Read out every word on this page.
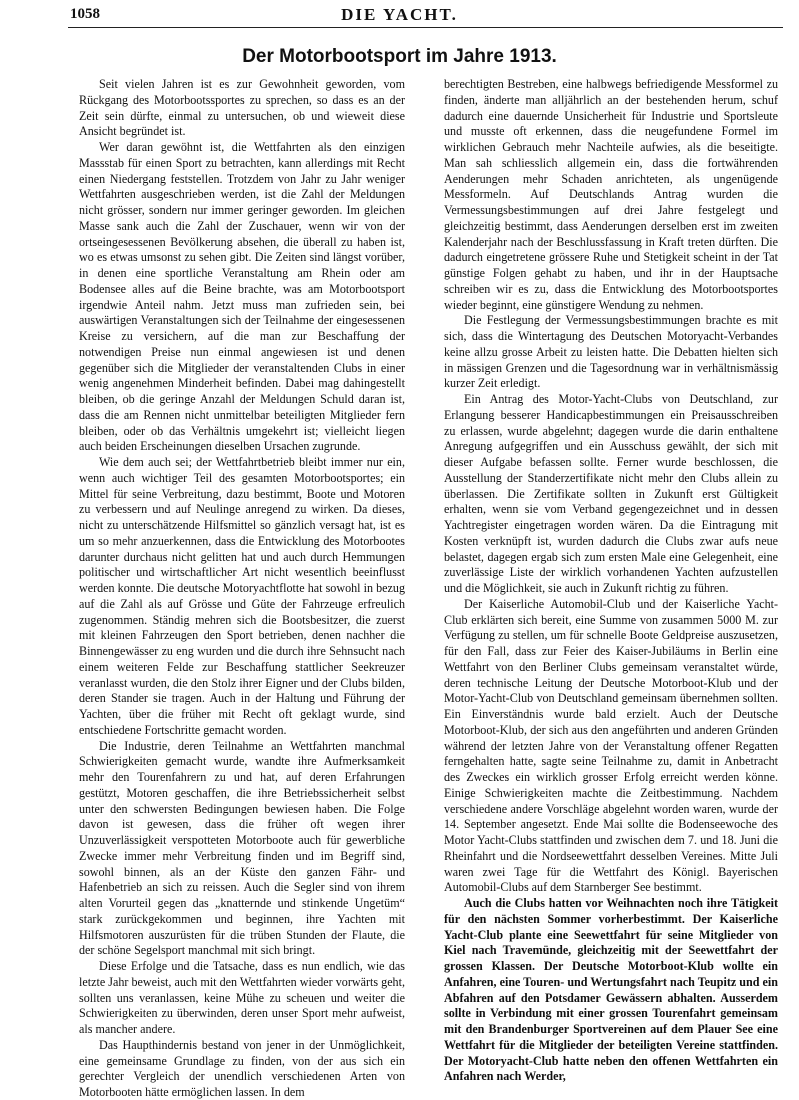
1058	DIE YACHT.
Der Motorbootsport im Jahre 1913.

Seit vielen Jahren ist es zur Gewohnheit geworden, vom Rückgang des Motorbootssportes zu sprechen, so dass es an der Zeit sein dürfte, einmal zu untersuchen, ob und wieweit diese Ansicht begründet ist.

Wer daran gewöhnt ist, die Wettfahrten als den einzigen Massstab für einen Sport zu betrachten, kann allerdings mit Recht einen Niedergang feststellen. Trotzdem von Jahr zu Jahr weniger Wettfahrten ausgeschrieben werden, ist die Zahl der Meldungen nicht grösser, sondern nur immer geringer geworden. Im gleichen Masse sank auch die Zahl der Zuschauer, wenn wir von der ortseingesessenen Bevölkerung absehen, die überall zu haben ist, wo es etwas umsonst zu sehen gibt. Die Zeiten sind längst vorüber, in denen eine sportliche Veranstaltung am Rhein oder am Bodensee alles auf die Beine brachte, was am Motorbootsport irgendwie Anteil nahm. Jetzt muss man zufrieden sein, bei auswärtigen Veranstaltungen sich der Teilnahme der eingesessenen Kreise zu versichern, auf die man zur Beschaffung der notwendigen Preise nun einmal angewiesen ist und denen gegenüber sich die Mitglieder der veranstaltenden Clubs in einer wenig angenehmen Minderheit befinden. Dabei mag dahingestellt bleiben, ob die geringe Anzahl der Meldungen Schuld daran ist, dass die am Rennen nicht unmittelbar beteiligten Mitglieder fern bleiben, oder ob das Verhältnis umgekehrt ist; vielleicht liegen auch beiden Erscheinungen dieselben Ursachen zugrunde.

Wie dem auch sei; der Wettfahrtbetrieb bleibt immer nur ein, wenn auch wichtiger Teil des gesamten Motorbootsportes; ein Mittel für seine Verbreitung, dazu bestimmt, Boote und Motoren zu verbessern und auf Neulinge anregend zu wirken. Da dieses, nicht zu unterschätzende Hilfsmittel so gänzlich versagt hat, ist es um so mehr anzuerkennen, dass die Entwicklung des Motorbootes darunter durchaus nicht gelitten hat und auch durch Hemmungen politischer und wirtschaftlicher Art nicht wesentlich beeinflusst werden konnte. Die deutsche Motoryachtflotte hat sowohl in bezug auf die Zahl als auf Grösse und Güte der Fahrzeuge erfreulich zugenommen. Ständig mehren sich die Bootsbesitzer, die zuerst mit kleinen Fahrzeugen den Sport betrieben, denen nachher die Binnengewässer zu eng wurden und die durch ihre Sehnsucht nach einem weiteren Felde zur Beschaffung stattlicher Seekreuzer veranlasst wurden, die den Stolz ihrer Eigner und der Clubs bilden, deren Stander sie tragen. Auch in der Haltung und Führung der Yachten, über die früher mit Recht oft geklagt wurde, sind entschiedene Fortschritte gemacht worden.

Die Industrie, deren Teilnahme an Wettfahrten manchmal Schwierigkeiten gemacht wurde, wandte ihre Aufmerksamkeit mehr den Tourenfahrern zu und hat, auf deren Erfahrungen gestützt, Motoren geschaffen, die ihre Betriebssicherheit selbst unter den schwersten Bedingungen bewiesen haben. Die Folge davon ist gewesen, dass die früher oft wegen ihrer Unzuverlässigkeit verspotteten Motorboote auch für gewerbliche Zwecke immer mehr Verbreitung finden und im Begriff sind, sowohl binnen, als an der Küste den ganzen Fähr- und Hafenbetrieb an sich zu reissen. Auch die Segler sind von ihrem alten Vorurteil gegen das „knatternde und stinkende Ungetüm“ stark zurückgekommen und beginnen, ihre Yachten mit Hilfsmotoren auszurüsten für die trüben Stunden der Flaute, die der schöne Segelsport manchmal mit sich bringt.

Diese Erfolge und die Tatsache, dass es nun endlich, wie das letzte Jahr beweist, auch mit den Wettfahrten wieder vorwärts geht, sollten uns veranlassen, keine Mühe zu scheuen und weiter die Schwierigkeiten zu überwinden, deren unser Sport mehr aufweist, als mancher andere.

Das Haupthindernis bestand von jener in der Unmöglichkeit, eine gemeinsame Grundlage zu finden, von der aus sich ein gerechter Vergleich der unendlich verschiedenen Arten von Motorbooten hätte ermöglichen lassen. In dem

berechtigten Bestreben, eine halbwegs befriedigende Messformel zu finden, änderte man alljährlich an der bestehenden herum, schuf dadurch eine dauernde Unsicherheit für Industrie und Sportsleute und musste oft erkennen, dass die neugefundene Formel im wirklichen Gebrauch mehr Nachteile aufwies, als die beseitigte. Man sah schliesslich allgemein ein, dass die fortwährenden Aenderungen mehr Schaden anrichteten, als ungenügende Messformeln. Auf Deutschlands Antrag wurden die Vermessungsbestimmungen auf drei Jahre festgelegt und gleichzeitig bestimmt, dass Aenderungen derselben erst im zweiten Kalenderjahr nach der Beschlussfassung in Kraft treten dürften. Die dadurch eingetretene grössere Ruhe und Stetigkeit scheint in der Tat günstige Folgen gehabt zu haben, und ihr in der Hauptsache schreiben wir es zu, dass die Entwicklung des Motorbootsportes wieder beginnt, eine günstigere Wendung zu nehmen.

Die Festlegung der Vermessungsbestimmungen brachte es mit sich, dass die Wintertagung des Deutschen Motoryacht-Verbandes keine allzu grosse Arbeit zu leisten hatte. Die Debatten hielten sich in mässigen Grenzen und die Tagesordnung war in verhältnismässig kurzer Zeit erledigt.

Ein Antrag des Motor-Yacht-Clubs von Deutschland, zur Erlangung besserer Handicapbestimmungen ein Preisausschreiben zu erlassen, wurde abgelehnt; dagegen wurde die darin enthaltene Anregung aufgegriffen und ein Ausschuss gewählt, der sich mit dieser Aufgabe befassen sollte. Ferner wurde beschlossen, die Ausstellung der Standerzertifikate nicht mehr den Clubs allein zu überlassen. Die Zertifikate sollten in Zukunft erst Gültigkeit erhalten, wenn sie vom Verband gegengezeichnet und in dessen Yachtregister eingetragen worden wären. Da die Eintragung mit Kosten verknüpft ist, wurden dadurch die Clubs zwar aufs neue belastet, dagegen ergab sich zum ersten Male eine Gelegenheit, eine zuverlässige Liste der wirklich vorhandenen Yachten aufzustellen und die Möglichkeit, sie auch in Zukunft richtig zu führen.

Der Kaiserliche Automobil-Club und der Kaiserliche Yacht-Club erklärten sich bereit, eine Summe von zusammen 5000 M. zur Verfügung zu stellen, um für schnelle Boote Geldpreise auszusetzen, für den Fall, dass zur Feier des Kaiser-Jubiläums in Berlin eine Wettfahrt von den Berliner Clubs gemeinsam veranstaltet würde, deren technische Leitung der Deutsche Motorboot-Klub und der Motor-Yacht-Club von Deutschland gemeinsam übernehmen sollten. Ein Einverständnis wurde bald erzielt. Auch der Deutsche Motorboot-Klub, der sich aus den angeführten und anderen Gründen während der letzten Jahre von der Veranstaltung offener Regatten ferngehalten hatte, sagte seine Teilnahme zu, damit in Anbetracht des Zweckes ein wirklich grosser Erfolg erreicht werden könne. Einige Schwierigkeiten machte die Zeitbestimmung. Nachdem verschiedene andere Vorschläge abgelehnt worden waren, wurde der 14. September angesetzt. Ende Mai sollte die Bodenseewoche des Motor Yacht-Clubs stattfinden und zwischen dem 7. und 18. Juni die Rheinfahrt und die Nordseewettfahrt desselben Vereines. Mitte Juli waren zwei Tage für die Wettfahrt des Königl. Bayerischen Automobil-Clubs auf dem Starnberger See bestimmt.

Auch die Clubs hatten vor Weihnachten noch ihre Tätigkeit für den nächsten Sommer vorherbestimmt. Der Kaiserliche Yacht-Club plante eine Seewettfahrt für seine Mitglieder von Kiel nach Travemünde, gleichzeitig mit der Seewettfahrt der grossen Klassen. Der Deutsche Motorboot-Klub wollte ein Anfahren, eine Touren- und Wertungsfahrt nach Teupitz und ein Abfahren auf den Potsdamer Gewässern abhalten. Ausserdem sollte in Verbindung mit einer grossen Tourenfahrt gemeinsam mit den Brandenburger Sportvereinen auf dem Plauer See eine Wettfahrt für die Mitglieder der beteiligten Vereine stattfinden. Der Motoryacht-Club hatte neben den offenen Wettfahrten ein Anfahren nach Werder,
